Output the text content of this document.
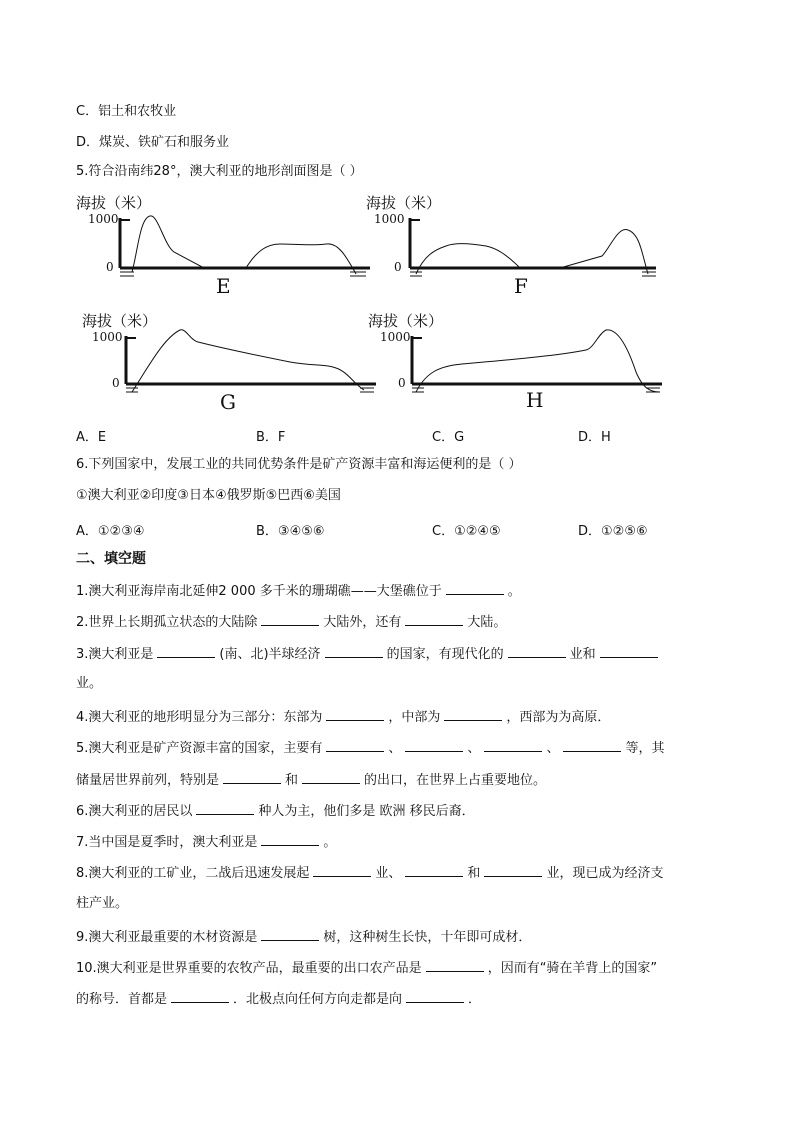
C．铝土和农牧业
D．煤炭、铁矿石和服务业
5.符合沿南纬28°，澳大利亚的地形剖面图是（ ）
海拔（米）
1000
0
E
海拔（米）
1000
0
F
海拔（米）
1000
0
G
海拔（米）
1000
0
H
A．E	B．F	C．G	D．H
6.下列国家中，发展工业的共同优势条件是矿产资源丰富和海运便利的是（ ）
①澳大利亚②印度③日本④俄罗斯⑤巴西⑥美国
A．①②③④	B．③④⑤⑥	C．①②④⑤	D．①②⑤⑥
二、填空题
1.澳大利亚海岸南北延伸2 000 多千米的珊瑚礁——大堡礁位于	。
2.世界上长期孤立状态的大陆除	大陆外，还有	大陆。
3.澳大利亚是	(南、北)半球经济	的国家，有现代化的	业和
业。
4.澳大利亚的地形明显分为三部分：东部为	，中部为	，西部为为高原．
5.澳大利亚是矿产资源丰富的国家，主要有	、	、	、	等，其
储量居世界前列，特别是	和	的出口，在世界上占重要地位。
6.澳大利亚的居民以	种人为主，他们多是 欧洲 移民后裔．
7.当中国是夏季时，澳大利亚是	。
8.澳大利亚的工矿业，二战后迅速发展起	业、	和	业，现已成为经济支
柱产业。
9.澳大利亚最重要的木材资源是	树，这种树生长快，十年即可成材．
10.澳大利亚是世界重要的农牧产品，最重要的出口农产品是	，因而有“骑在羊背上的国家”
的称号．首都是	．北极点向任何方向走都是向	．
